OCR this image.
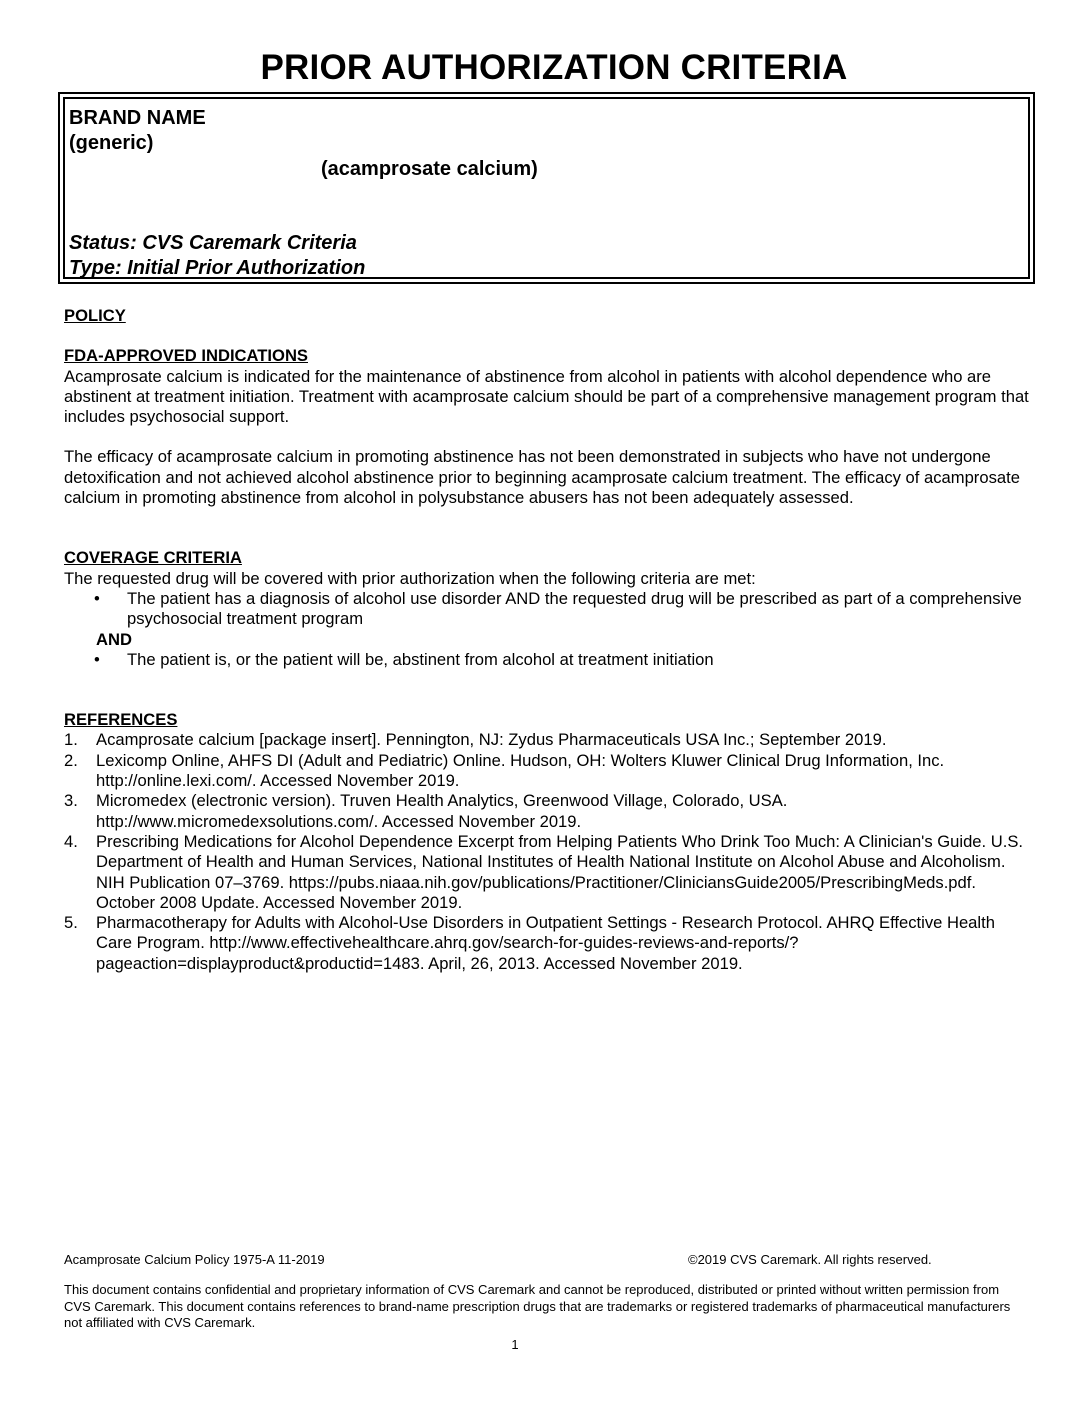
PRIOR AUTHORIZATION CRITERIA
BRAND NAME
(generic)
(acamprosate calcium)
Status: CVS Caremark Criteria
Type: Initial Prior Authorization

POLICY

FDA-APPROVED INDICATIONS

Acamprosate calcium is indicated for the maintenance of abstinence from alcohol in patients with alcohol dependence who are abstinent at treatment initiation. Treatment with acamprosate calcium should be part of a comprehensive management program that includes psychosocial support.

The efficacy of acamprosate calcium in promoting abstinence has not been demonstrated in subjects who have not undergone detoxification and not achieved alcohol abstinence prior to beginning acamprosate calcium treatment. The efficacy of acamprosate calcium in promoting abstinence from alcohol in polysubstance abusers has not been adequately assessed.

COVERAGE CRITERIA

The requested drug will be covered with prior authorization when the following criteria are met:

• The patient has a diagnosis of alcohol use disorder AND the requested drug will be prescribed as part of a comprehensive psychosocial treatment program

AND

• The patient is, or the patient will be, abstinent from alcohol at treatment initiation

REFERENCES

1. Acamprosate calcium [package insert]. Pennington, NJ: Zydus Pharmaceuticals USA Inc.; September 2019.
2. Lexicomp Online, AHFS DI (Adult and Pediatric) Online. Hudson, OH: Wolters Kluwer Clinical Drug Information, Inc. http://online.lexi.com/. Accessed November 2019.
3. Micromedex (electronic version). Truven Health Analytics, Greenwood Village, Colorado, USA. http://www.micromedexsolutions.com/. Accessed November 2019.
4. Prescribing Medications for Alcohol Dependence Excerpt from Helping Patients Who Drink Too Much: A Clinician's Guide. U.S. Department of Health and Human Services, National Institutes of Health National Institute on Alcohol Abuse and Alcoholism. NIH Publication 07–3769. https://pubs.niaaa.nih.gov/publications/Practitioner/CliniciansGuide2005/PrescribingMeds.pdf. October 2008 Update. Accessed November 2019.
5. Pharmacotherapy for Adults with Alcohol-Use Disorders in Outpatient Settings - Research Protocol. AHRQ Effective Health Care Program. http://www.effectivehealthcare.ahrq.gov/search-for-guides-reviews-and-reports/?pageaction=displayproduct&productid=1483. April, 26, 2013. Accessed November 2019.
Acamprosate Calcium Policy 1975-A 11-2019	©2019 CVS Caremark. All rights reserved.
This document contains confidential and proprietary information of CVS Caremark and cannot be reproduced, distributed or printed without written permission from CVS Caremark. This document contains references to brand-name prescription drugs that are trademarks or registered trademarks of pharmaceutical manufacturers not affiliated with CVS Caremark.
1
